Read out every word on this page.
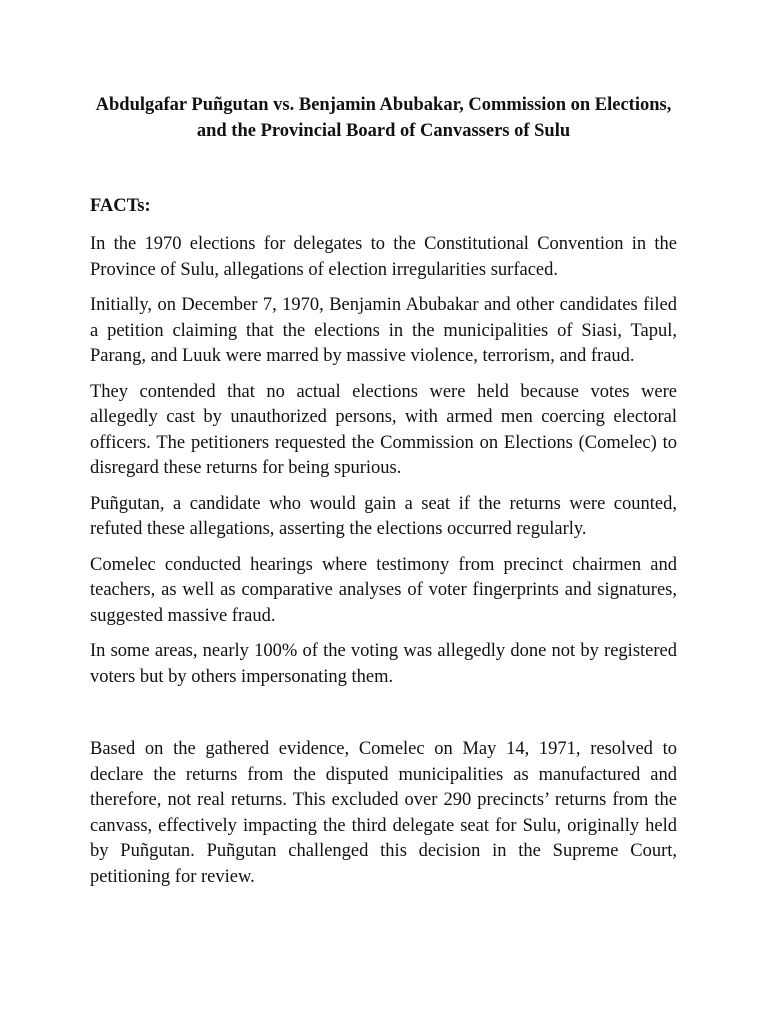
Abdulgafar Puñgutan vs. Benjamin Abubakar, Commission on Elections, and the Provincial Board of Canvassers of Sulu
FACTs:

In the 1970 elections for delegates to the Constitutional Convention in the Province of Sulu, allegations of election irregularities surfaced.

Initially, on December 7, 1970, Benjamin Abubakar and other candidates filed a petition claiming that the elections in the municipalities of Siasi, Tapul, Parang, and Luuk were marred by massive violence, terrorism, and fraud.

They contended that no actual elections were held because votes were allegedly cast by unauthorized persons, with armed men coercing electoral officers. The petitioners requested the Commission on Elections (Comelec) to disregard these returns for being spurious.

Puñgutan, a candidate who would gain a seat if the returns were counted, refuted these allegations, asserting the elections occurred regularly.

Comelec conducted hearings where testimony from precinct chairmen and teachers, as well as comparative analyses of voter fingerprints and signatures, suggested massive fraud.

In some areas, nearly 100% of the voting was allegedly done not by registered voters but by others impersonating them.

Based on the gathered evidence, Comelec on May 14, 1971, resolved to declare the returns from the disputed municipalities as manufactured and therefore, not real returns. This excluded over 290 precincts’ returns from the canvass, effectively impacting the third delegate seat for Sulu, originally held by Puñgutan. Puñgutan challenged this decision in the Supreme Court, petitioning for review.
